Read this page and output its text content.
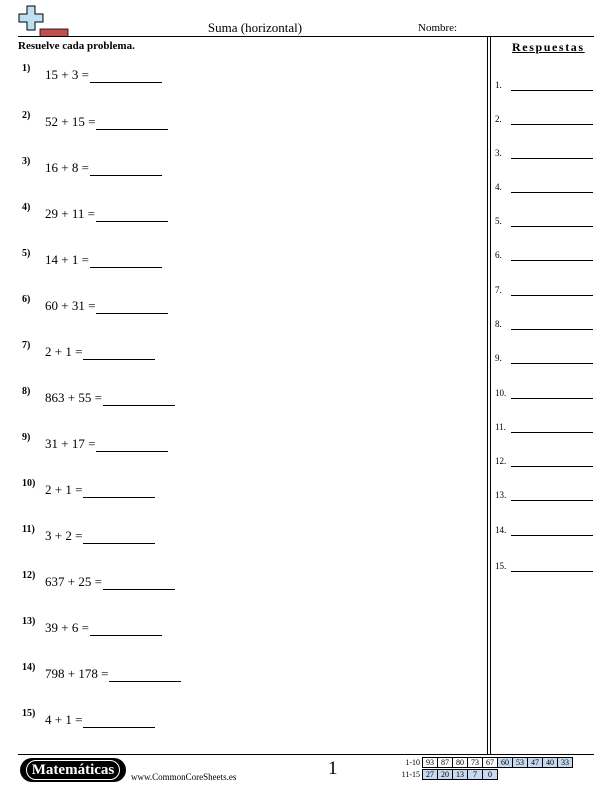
Suma (horizontal)	Nombre:
Resuelve cada problema.
1)	15 + 3 =
2)	52 + 15 =
3)	16 + 8 =
4)	29 + 11 =
5)	14 + 1 =
6)	60 + 31 =
7)	2 + 1 =
8)	863 + 55 =
9)	31 + 17 =
10) 2 + 1 =
11) 3 + 2 =
12) 637 + 25 =
13) 39 + 6 =
14) 798 + 178 =
15) 4 + 1 =
Respuestas
1.
2.
3.
4.
5.
6.
7.
8.
9.
10.
11.
12.
13.
14.
15.
Matemáticas	www.CommonCoreSheets.es	1	1-10 93 87 80 73 67 60 53 47 40 33
11-15 27 20 13	7	0
